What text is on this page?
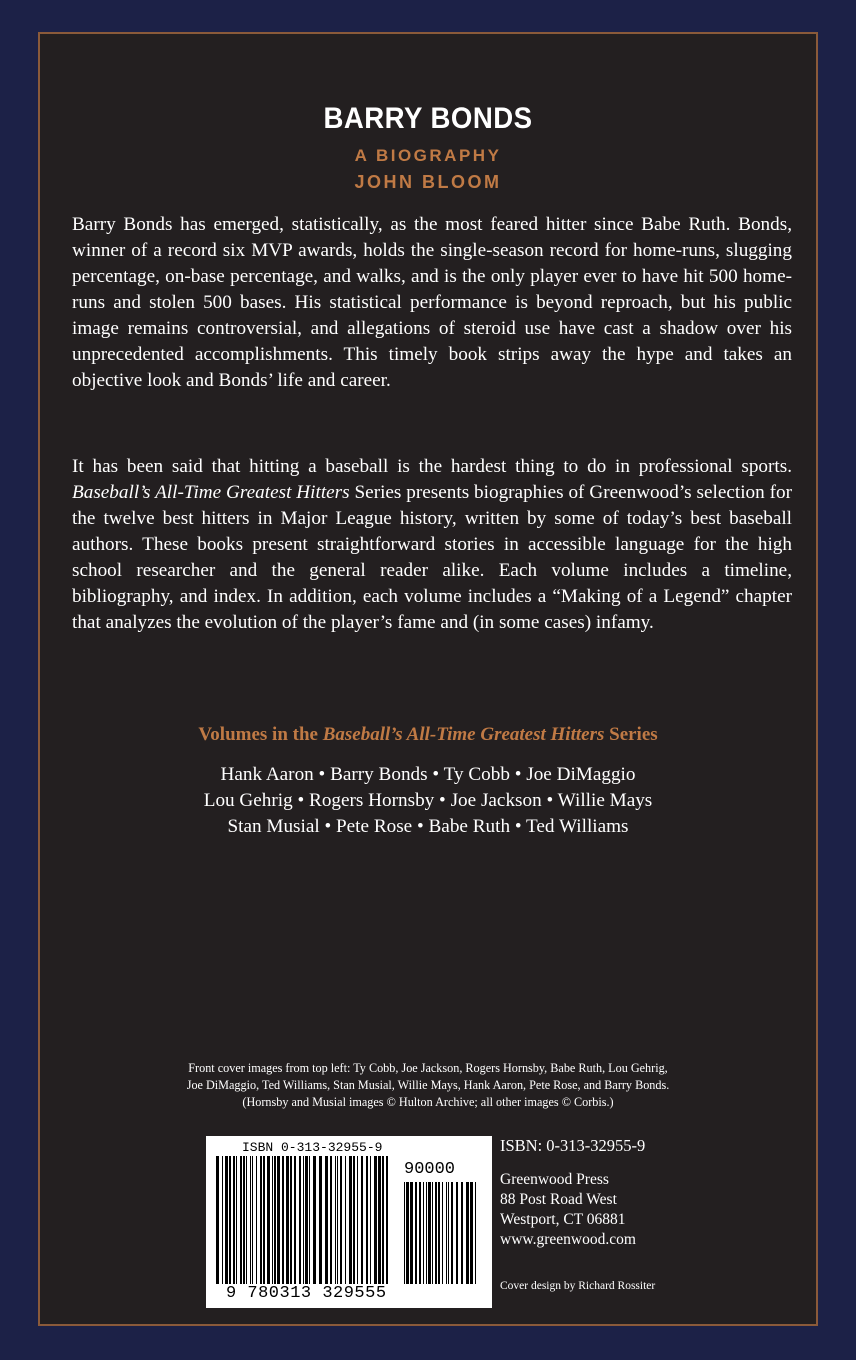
BARRY BONDS
A BIOGRAPHY
JOHN BLOOM

Barry Bonds has emerged, statistically, as the most feared hitter since Babe Ruth. Bonds, winner of a record six MVP awards, holds the single-season record for home-runs, slugging percentage, on-base percentage, and walks, and is the only player ever to have hit 500 home-runs and stolen 500 bases. His statistical performance is beyond reproach, but his public image remains controversial, and allegations of steroid use have cast a shadow over his unprecedented accomplishments. This timely book strips away the hype and takes an objective look and Bonds’ life and career.

It has been said that hitting a baseball is the hardest thing to do in professional sports. Baseball’s All-Time Greatest Hitters Series presents biographies of Greenwood’s selection for the twelve best hitters in Major League history, written by some of today’s best baseball authors. These books present straightforward stories in accessible language for the high school researcher and the general reader alike. Each volume includes a timeline, bibliography, and index. In addition, each volume includes a “Making of a Legend” chapter that analyzes the evolution of the player’s fame and (in some cases) infamy.

Volumes in the Baseball’s All-Time Greatest Hitters Series
Hank Aaron • Barry Bonds • Ty Cobb • Joe DiMaggio
Lou Gehrig • Rogers Hornsby • Joe Jackson • Willie Mays
Stan Musial • Pete Rose • Babe Ruth • Ted Williams
Front cover images from top left: Ty Cobb, Joe Jackson, Rogers Hornsby, Babe Ruth, Lou Gehrig,
Joe DiMaggio, Ted Williams, Stan Musial, Willie Mays, Hank Aaron, Pete Rose, and Barry Bonds.
(Hornsby and Musial images © Hulton Archive; all other images © Corbis.)
ISBN 0-313-32955-9
90000
9 780313 329555
ISBN: 0-313-32955-9
Greenwood Press
88 Post Road West
Westport, CT 06881
www.greenwood.com
Cover design by Richard Rossiter
